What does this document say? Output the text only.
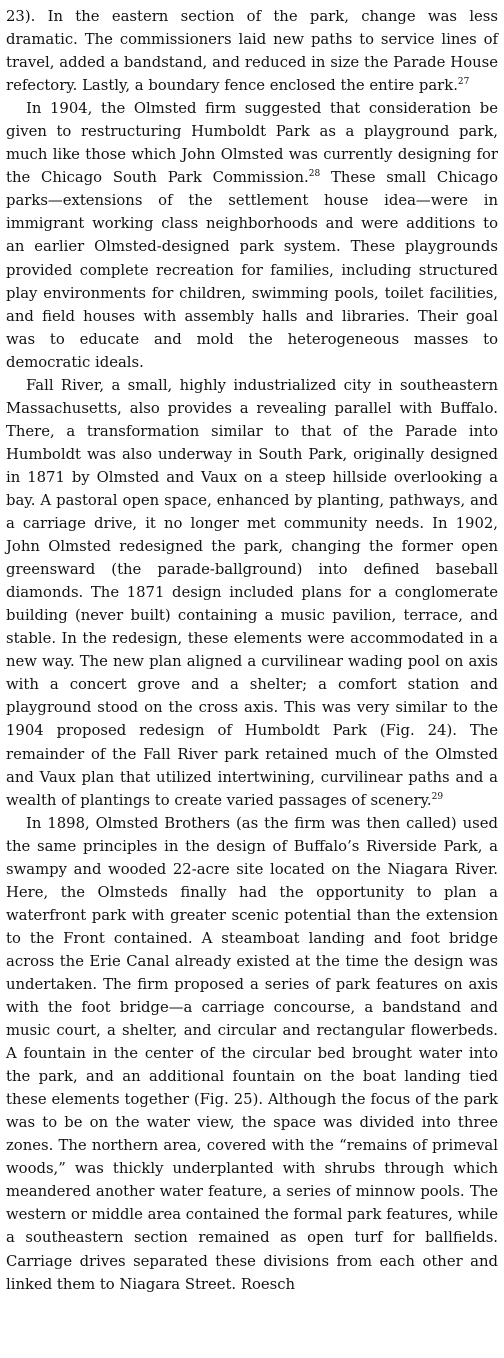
23). In the eastern section of the park, change was less dramatic. The commissioners laid new paths to service lines of travel, added a bandstand, and reduced in size the Parade House refectory. Lastly, a boundary fence enclosed the entire park.$^{27}$

In 1904, the Olmsted firm suggested that consideration be given to restructuring Humboldt Park as a playground park, much like those which John Olmsted was currently designing for the Chicago South Park Commission.$^{28}$ These small Chicago parks—extensions of the settlement house idea—were in immigrant working class neighborhoods and were additions to an earlier Olmsted-designed park system. These playgrounds provided complete recreation for families, including structured play environments for children, swimming pools, toilet facilities, and field houses with assembly halls and libraries. Their goal was to educate and mold the heterogeneous masses to democratic ideals.

Fall River, a small, highly industrialized city in southeastern Massachusetts, also provides a revealing parallel with Buffalo. There, a transformation similar to that of the Parade into Humboldt was also underway in South Park, originally designed in 1871 by Olmsted and Vaux on a steep hillside overlooking a bay. A pastoral open space, enhanced by planting, pathways, and a carriage drive, it no longer met community needs. In 1902, John Olmsted redesigned the park, changing the former open greensward (the parade-ballground) into defined baseball diamonds. The 1871 design included plans for a conglomerate building (never built) containing a music pavilion, terrace, and stable. In the redesign, these elements were accommodated in a new way. The new plan aligned a curvilinear wading pool on axis with a concert grove and a shelter; a comfort station and playground stood on the cross axis. This was very similar to the 1904 proposed redesign of Humboldt Park (Fig. 24). The remainder of the Fall River park retained much of the Olmsted and Vaux plan that utilized intertwining, curvilinear paths and a wealth of plantings to create varied passages of scenery.$^{29}$

In 1898, Olmsted Brothers (as the firm was then called) used the same principles in the design of Buffalo’s Riverside Park, a swampy and wooded 22-acre site located on the Niagara River. Here, the Olmsteds finally had the opportunity to plan a waterfront park with greater scenic potential than the extension to the Front contained. A steamboat landing and foot bridge across the Erie Canal already existed at the time the design was undertaken. The firm proposed a series of park features on axis with the foot bridge—a carriage concourse, a bandstand and music court, a shelter, and circular and rectangular flowerbeds. A fountain in the center of the circular bed brought water into the park, and an additional fountain on the boat landing tied these elements together (Fig. 25). Although the focus of the park was to be on the water view, the space was divided into three zones. The northern area, covered with the “remains of primeval woods,” was thickly underplanted with shrubs through which meandered another water feature, a series of minnow pools. The western or middle area contained the formal park features, while a southeastern section remained as open turf for ballfields. Carriage drives separated these divisions from each other and linked them to Niagara Street. Roesch
